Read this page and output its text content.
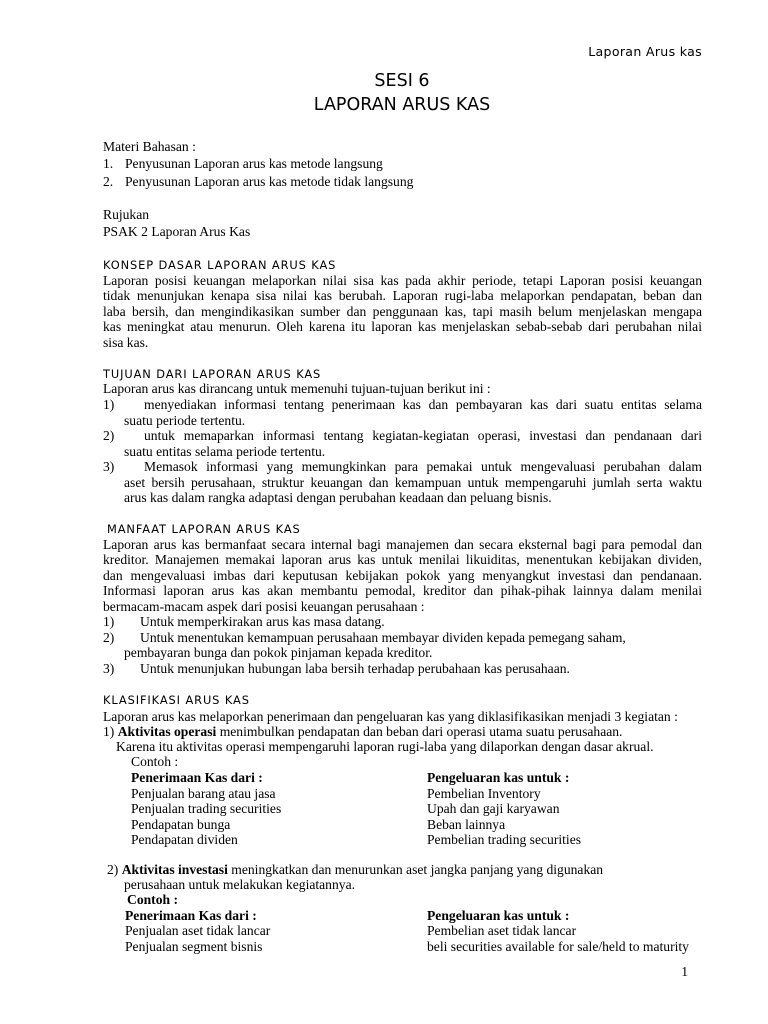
Laporan Arus kas
SESI 6
LAPORAN ARUS KAS
Materi Bahasan :
1. Penyusunan Laporan arus kas metode langsung
2. Penyusunan Laporan arus kas metode tidak langsung
Rujukan
PSAK 2 Laporan Arus Kas
KONSEP DASAR LAPORAN ARUS KAS
Laporan posisi keuangan melaporkan nilai sisa kas pada akhir periode, tetapi Laporan posisi keuangan
tidak menunjukan kenapa sisa nilai kas berubah. Laporan rugi-laba melaporkan pendapatan, beban dan
laba bersih, dan mengindikasikan sumber dan penggunaan kas, tapi masih belum menjelaskan mengapa
kas meningkat atau menurun. Oleh karena itu laporan kas menjelaskan sebab-sebab dari perubahan nilai
sisa kas.
TUJUAN DARI LAPORAN ARUS KAS
Laporan arus kas dirancang untuk memenuhi tujuan-tujuan berikut ini :
1) menyediakan informasi tentang penerimaan kas dan pembayaran kas dari suatu entitas selama
suatu periode tertentu.
2) untuk memaparkan informasi tentang kegiatan-kegiatan operasi, investasi dan pendanaan dari
suatu entitas selama periode tertentu.
3) Memasok informasi yang memungkinkan para pemakai untuk mengevaluasi perubahan dalam
aset bersih perusahaan, struktur keuangan dan kemampuan untuk mempengaruhi jumlah serta waktu
arus kas dalam rangka adaptasi dengan perubahan keadaan dan peluang bisnis.
MANFAAT LAPORAN ARUS KAS
Laporan arus kas bermanfaat secara internal bagi manajemen dan secara eksternal bagi para pemodal dan
kreditor. Manajemen memakai laporan arus kas untuk menilai likuiditas, menentukan kebijakan dividen,
dan mengevaluasi imbas dari keputusan kebijakan pokok yang menyangkut investasi dan pendanaan.
Informasi laporan arus kas akan membantu pemodal, kreditor dan pihak-pihak lainnya dalam menilai
bermacam-macam aspek dari posisi keuangan perusahaan :
1) Untuk memperkirakan arus kas masa datang.
2) Untuk menentukan kemampuan perusahaan membayar dividen kepada pemegang saham,
pembayaran bunga dan pokok pinjaman kepada kreditor.
3) Untuk menunjukan hubungan laba bersih terhadap perubahaan kas perusahaan.
KLASIFIKASI ARUS KAS
Laporan arus kas melaporkan penerimaan dan pengeluaran kas yang diklasifikasikan menjadi 3 kegiatan :
1) Aktivitas operasi menimbulkan pendapatan dan beban dari operasi utama suatu perusahaan.
Karena itu aktivitas operasi mempengaruhi laporan rugi-laba yang dilaporkan dengan dasar akrual.
Contoh :
Penerimaan Kas dari :	Pengeluaran kas untuk :
Penjualan barang atau jasa
Penjualan trading securities
Pendapatan bunga
Pendapatan dividen
Pembelian Inventory
Upah dan gaji karyawan
Beban lainnya
Pembelian trading securities
2) Aktivitas investasi meningkatkan dan menurunkan aset jangka panjang yang digunakan
perusahaan untuk melakukan kegiatannya.
Contoh :
Penerimaan Kas dari :	Pengeluaran kas untuk :
Penjualan aset tidak lancar
Penjualan segment bisnis
Pembelian aset tidak lancar
beli securities available for sale/held to maturity
1
